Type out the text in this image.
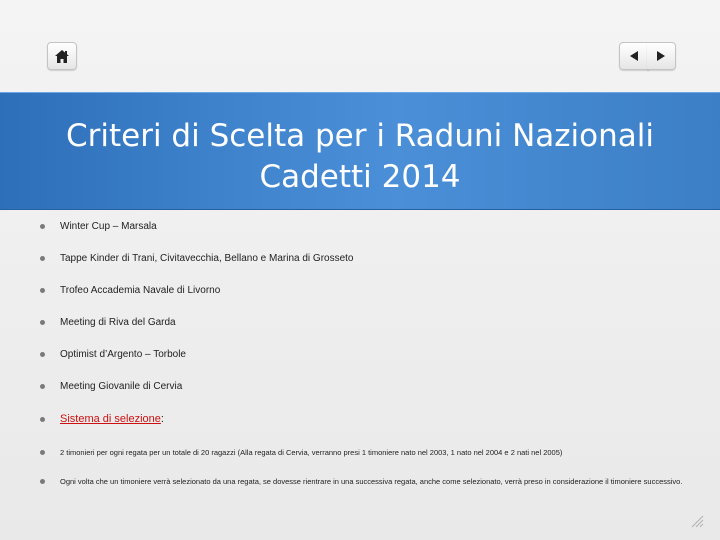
Criteri di Scelta per i Raduni Nazionali
Cadetti 2014
Winter Cup – Marsala
Tappe Kinder di Trani, Civitavecchia, Bellano e Marina di Grosseto
Trofeo Accademia Navale di Livorno
Meeting di Riva del Garda
Optimist d’Argento – Torbole
Meeting Giovanile di Cervia
Sistema di selezione :
2 timonieri per ogni regata per un totale di 20 ragazzi (Alla regata di Cervia, verranno presi 1 timoniere nato nel 2003, 1 nato nel 2004 e 2 nati nel 2005)
Ogni volta che un timoniere verrà selezionato da una regata, se dovesse rientrare in una successiva regata, anche come selezionato, verrà preso in considerazione il timoniere successivo.
